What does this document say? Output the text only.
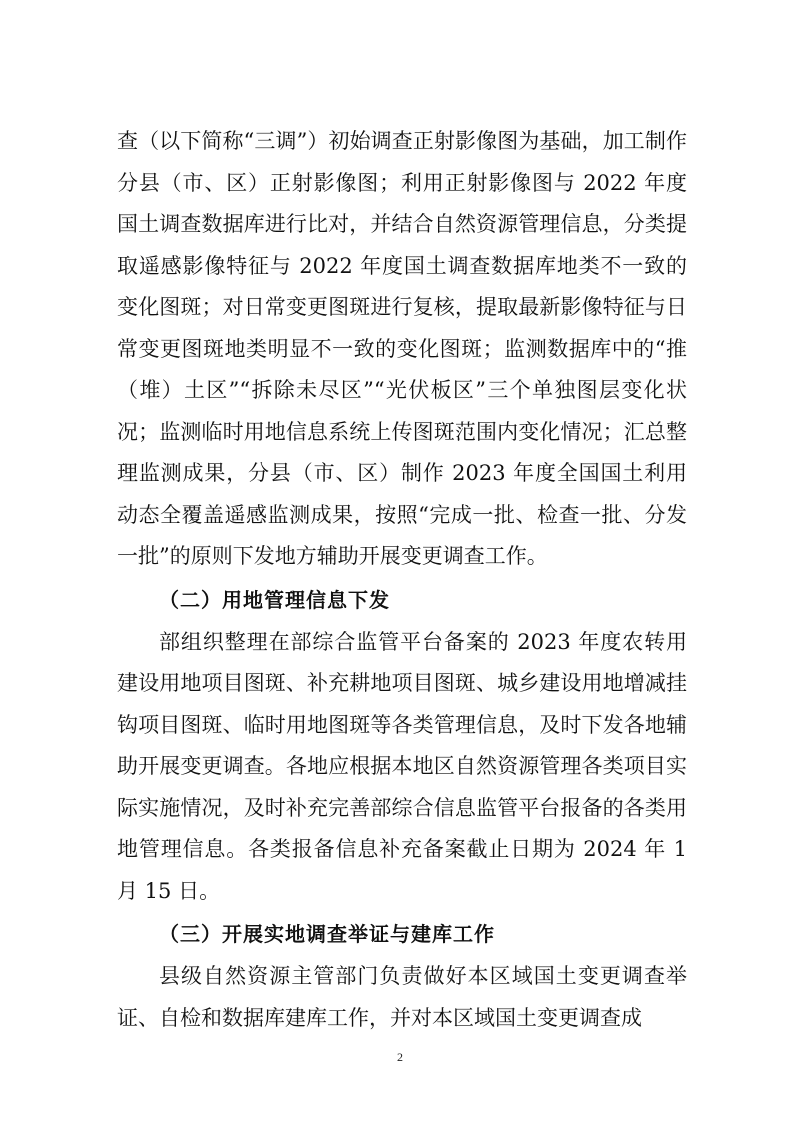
查（以下简称“三调”）初始调查正射影像图为基础，加工制作分县（市、区）正射影像图；利用正射影像图与 2022 年度国土调查数据库进行比对，并结合自然资源管理信息，分类提取遥感影像特征与 2022 年度国土调查数据库地类不一致的变化图斑；对日常变更图斑进行复核，提取最新影像特征与日常变更图斑地类明显不一致的变化图斑；监测数据库中的“推（堆）土区”“拆除未尽区”“光伏板区”三个单独图层变化状况；监测临时用地信息系统上传图斑范围内变化情况；汇总整理监测成果，分县（市、区）制作 2023 年度全国国土利用动态全覆盖遥感监测成果，按照“完成一批、检查一批、分发一批”的原则下发地方辅助开展变更调查工作。

（二）用地管理信息下发

部组织整理在部综合监管平台备案的 2023 年度农转用建设用地项目图斑、补充耕地项目图斑、城乡建设用地增减挂钩项目图斑、临时用地图斑等各类管理信息，及时下发各地辅助开展变更调查。各地应根据本地区自然资源管理各类项目实际实施情况，及时补充完善部综合信息监管平台报备的各类用地管理信息。各类报备信息补充备案截止日期为 2024 年 1 月 15 日。

（三）开展实地调查举证与建库工作

县级自然资源主管部门负责做好本区域国土变更调查举证、自检和数据库建库工作，并对本区域国土变更调查成

2
